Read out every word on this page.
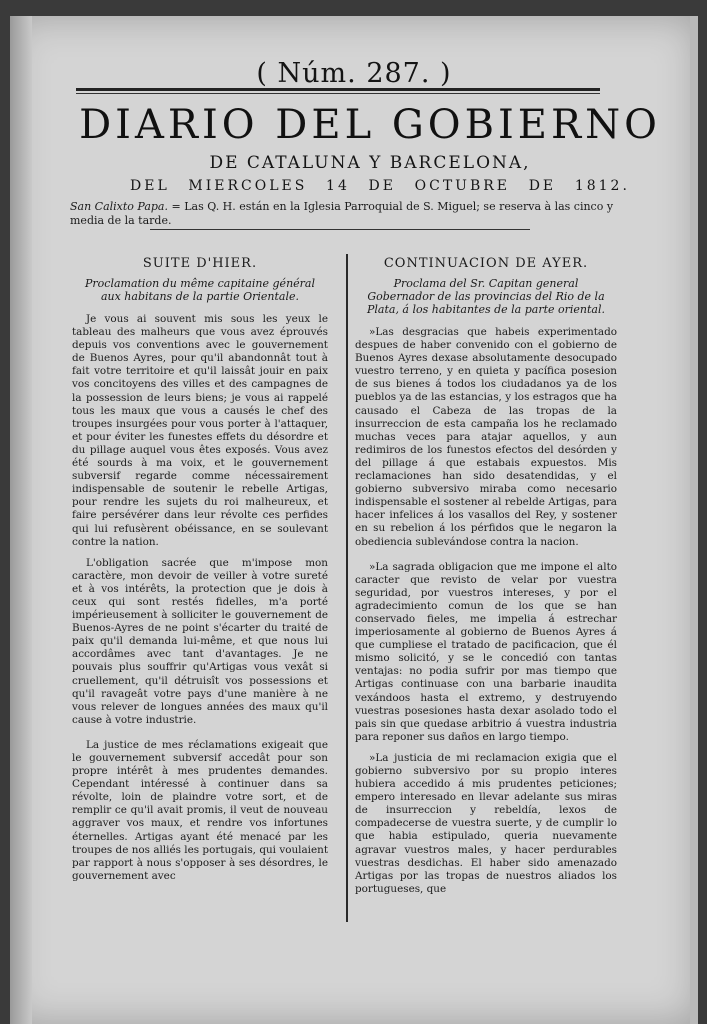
( Núm. 287. )
DIARIO DEL GOBIERNO
DE CATALUNA Y BARCELONA,
DEL MIERCOLES 14 DE OCTUBRE DE 1812.
San Calixto Papa. = Las Q. H. están en la Iglesia Parroquial de S. Miguel; se reserva à las cinco y media de la tarde.
SUITE D'HIER.
Proclamation du même capitaine général aux habitans de la partie Orientale.

Je vous ai souvent mis sous les yeux le tableau des malheurs que vous avez éprouvés depuis vos conventions avec le gouvernement de Buenos Ayres, pour qu'il abandonnât tout à fait votre territoire et qu'il laissât jouir en paix vos concitoyens des villes et des campagnes de la possession de leurs biens; je vous ai rappelé tous les maux que vous a causés le chef des troupes insurgées pour vous porter à l'attaquer, et pour éviter les funestes effets du désordre et du pillage auquel vous êtes exposés. Vous avez été sourds à ma voix, et le gouvernement subversif regarde comme nécessairement indispensable de soutenir le rebelle Artigas, pour rendre les sujets du roi malheureux, et faire persévérer dans leur révolte ces perfides qui lui refusèrent obéissance, en se soulevant contre la nation.

L'obligation sacrée que m'impose mon caractère, mon devoir de veiller à votre sureté et à vos intérêts, la protection que je dois à ceux qui sont restés fidelles, m'a porté impérieusement à solliciter le gouvernement de Buenos-Ayres de ne point s'écarter du traité de paix qu'il demanda lui-même, et que nous lui accordâmes avec tant d'avantages. Je ne pouvais plus souffrir qu'Artigas vous vexât si cruellement, qu'il détruisît vos possessions et qu'il ravageât votre pays d'une manière à ne vous relever de longues années des maux qu'il cause à votre industrie.

La justice de mes réclamations exigeait que le gouvernement subversif accedât pour son propre intérêt à mes prudentes demandes. Cependant intéressé à continuer dans sa révolte, loin de plaindre votre sort, et de remplir ce qu'il avait promis, il veut de nouveau aggraver vos maux, et rendre vos infortunes éternelles. Artigas ayant été menacé par les troupes de nos alliés les portugais, qui voulaient par rapport à nous s'opposer à ses désordres, le gouvernement avec

CONTINUACION DE AYER.
Proclama del Sr. Capitan general Gobernador de las provincias del Rio de la Plata, á los habitantes de la parte oriental.

»Las desgracias que habeis experimentado despues de haber convenido con el gobierno de Buenos Ayres dexase absolutamente desocupado vuestro terreno, y en quieta y pacífica posesion de sus bienes á todos los ciudadanos ya de los pueblos ya de las estancias, y los estragos que ha causado el Cabeza de las tropas de la insurreccion de esta campaña los he reclamado muchas veces para atajar aquellos, y aun redimiros de los funestos efectos del desórden y del pillage á que estabais expuestos. Mis reclamaciones han sido desatendidas, y el gobierno subversivo miraba como necesario indispensable el sostener al rebelde Artigas, para hacer infelices á los vasallos del Rey, y sostener en su rebelion á los pérfidos que le negaron la obediencia sublevándose contra la nacion.

»La sagrada obligacion que me impone el alto caracter que revisto de velar por vuestra seguridad, por vuestros intereses, y por el agradecimiento comun de los que se han conservado fieles, me impelia á estrechar imperiosamente al gobierno de Buenos Ayres á que cumpliese el tratado de pacificacion, que él mismo solicitó, y se le concedió con tantas ventajas: no podia sufrir por mas tiempo que Artigas continuase con una barbarie inaudita vexándoos hasta el extremo, y destruyendo vuestras posesiones hasta dexar asolado todo el pais sin que quedase arbitrio á vuestra industria para reponer sus daños en largo tiempo.

»La justicia de mi reclamacion exigia que el gobierno subversivo por su propio interes hubiera accedido á mis prudentes peticiones; empero interesado en llevar adelante sus miras de insurreccion y rebeldía, lexos de compadecerse de vuestra suerte, y de cumplir lo que habia estipulado, queria nuevamente agravar vuestros males, y hacer perdurables vuestras desdichas. El haber sido amenazado Artigas por las tropas de nuestros aliados los portugueses, que
